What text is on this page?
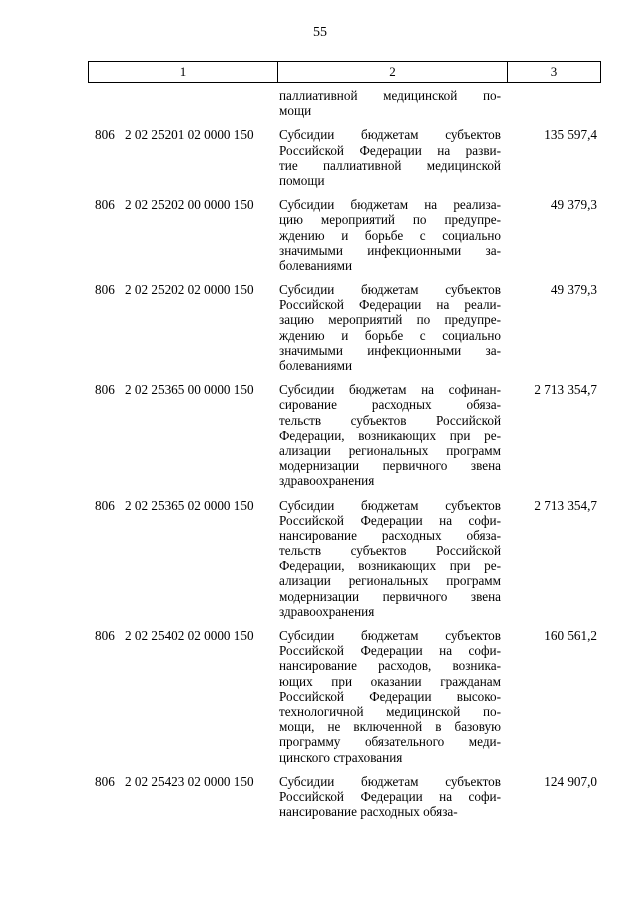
55
1	2	3
паллиативной медицинской по-
мощи
806 2 02 25201 02 0000 150	Субсидии бюджетам субъектов
Российской Федерации на разви-
тие паллиативной медицинской
помощи
135 597,4
806 2 02 25202 00 0000 150	Субсидии бюджетам на реализа-
цию мероприятий по предупре-
ждению и борьбе с социально
значимыми инфекционными за-
болеваниями
49 379,3
806 2 02 25202 02 0000 150	Субсидии бюджетам субъектов
Российской Федерации на реали-
зацию мероприятий по предупре-
ждению и борьбе с социально
значимыми инфекционными за-
болеваниями
49 379,3
806 2 02 25365 00 0000 150	Субсидии бюджетам на софинан-
сирование расходных обяза-
тельств субъектов Российской
Федерации, возникающих при ре-
ализации региональных программ
модернизации первичного звена
здравоохранения
2 713 354,7
806 2 02 25365 02 0000 150	Субсидии бюджетам субъектов
Российской Федерации на софи-
нансирование расходных обяза-
тельств субъектов Российской
Федерации, возникающих при ре-
ализации региональных программ
модернизации первичного звена
здравоохранения
2 713 354,7
806 2 02 25402 02 0000 150	Субсидии бюджетам субъектов
Российской Федерации на софи-
нансирование расходов, возника-
ющих при оказании гражданам
Российской Федерации высоко-
технологичной медицинской по-
мощи, не включенной в базовую
программу обязательного меди-
цинского страхования
160 561,2
806 2 02 25423 02 0000 150	Субсидии бюджетам субъектов
Российской Федерации на софи-
нансирование расходных обяза-
124 907,0
